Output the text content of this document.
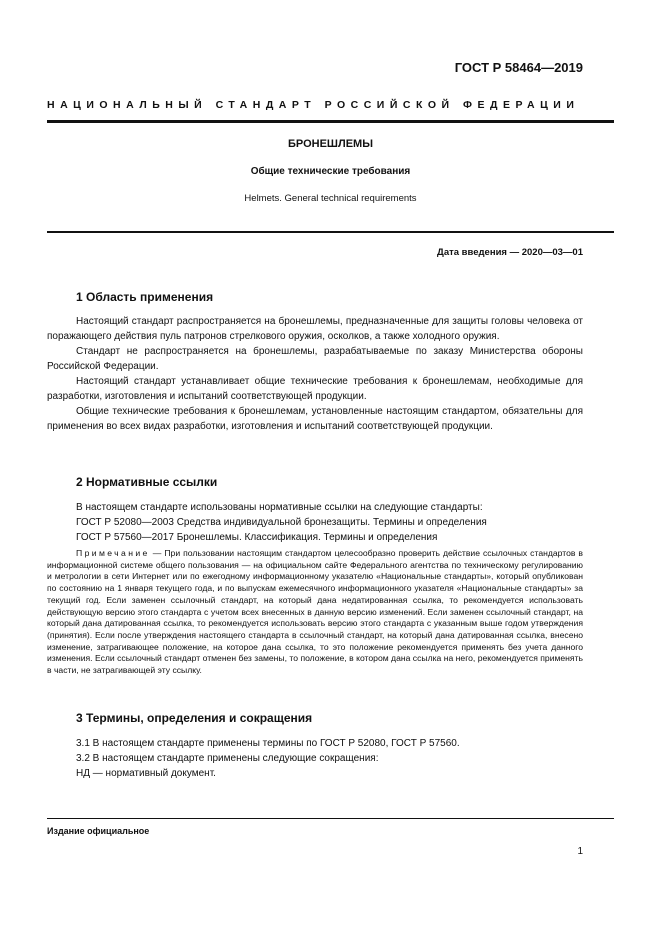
ГОСТ Р 58464—2019
НАЦИОНАЛЬНЫЙ СТАНДАРТ РОССИЙСКОЙ ФЕДЕРАЦИИ
БРОНЕШЛЕМЫ
Общие технические требования
Helmets. General technical requirements
Дата введения — 2020—03—01
1 Область применения

Настоящий стандарт распространяется на бронешлемы, предназначенные для защиты головы человека от поражающего действия пуль патронов стрелкового оружия, осколков, а также холодного оружия.

Стандарт не распространяется на бронешлемы, разрабатываемые по заказу Министерства обороны Российской Федерации.

Настоящий стандарт устанавливает общие технические требования к бронешлемам, необходимые для разработки, изготовления и испытаний соответствующей продукции.

Общие технические требования к бронешлемам, установленные настоящим стандартом, обязательны для применения во всех видах разработки, изготовления и испытаний соответствующей продукции.

2 Нормативные ссылки
В настоящем стандарте использованы нормативные ссылки на следующие стандарты:
ГОСТ Р 52080—2003 Средства индивидуальной бронезащиты. Термины и определения
ГОСТ Р 57560—2017 Бронешлемы. Классификация. Термины и определения
Примечание — При пользовании настоящим стандартом целесообразно проверить действие ссылочных стандартов в информационной системе общего пользования — на официальном сайте Федерального агентства по техническому регулированию и метрологии в сети Интернет или по ежегодному информационному указателю «Национальные стандарты», который опубликован по состоянию на 1 января текущего года, и по выпускам ежемесячного информационного указателя «Национальные стандарты» за текущий год. Если заменен ссылочный стандарт, на который дана недатированная ссылка, то рекомендуется использовать действующую версию этого стандарта с учетом всех внесенных в данную версию изменений. Если заменен ссылочный стандарт, на который дана датированная ссылка, то рекомендуется использовать версию этого стандарта с указанным выше годом утверждения (принятия). Если после утверждения настоящего стандарта в ссылочный стандарт, на который дана датированная ссылка, внесено изменение, затрагивающее положение, на которое дана ссылка, то это положение рекомендуется применять без учета данного изменения. Если ссылочный стандарт отменен без замены, то положение, в котором дана ссылка на него, рекомендуется применять в части, не затрагивающей эту ссылку.
3 Термины, определения и сокращения
3.1 В настоящем стандарте применены термины по ГОСТ Р 52080, ГОСТ Р 57560.
3.2 В настоящем стандарте применены следующие сокращения:
НД — нормативный документ.
Издание официальное
1
